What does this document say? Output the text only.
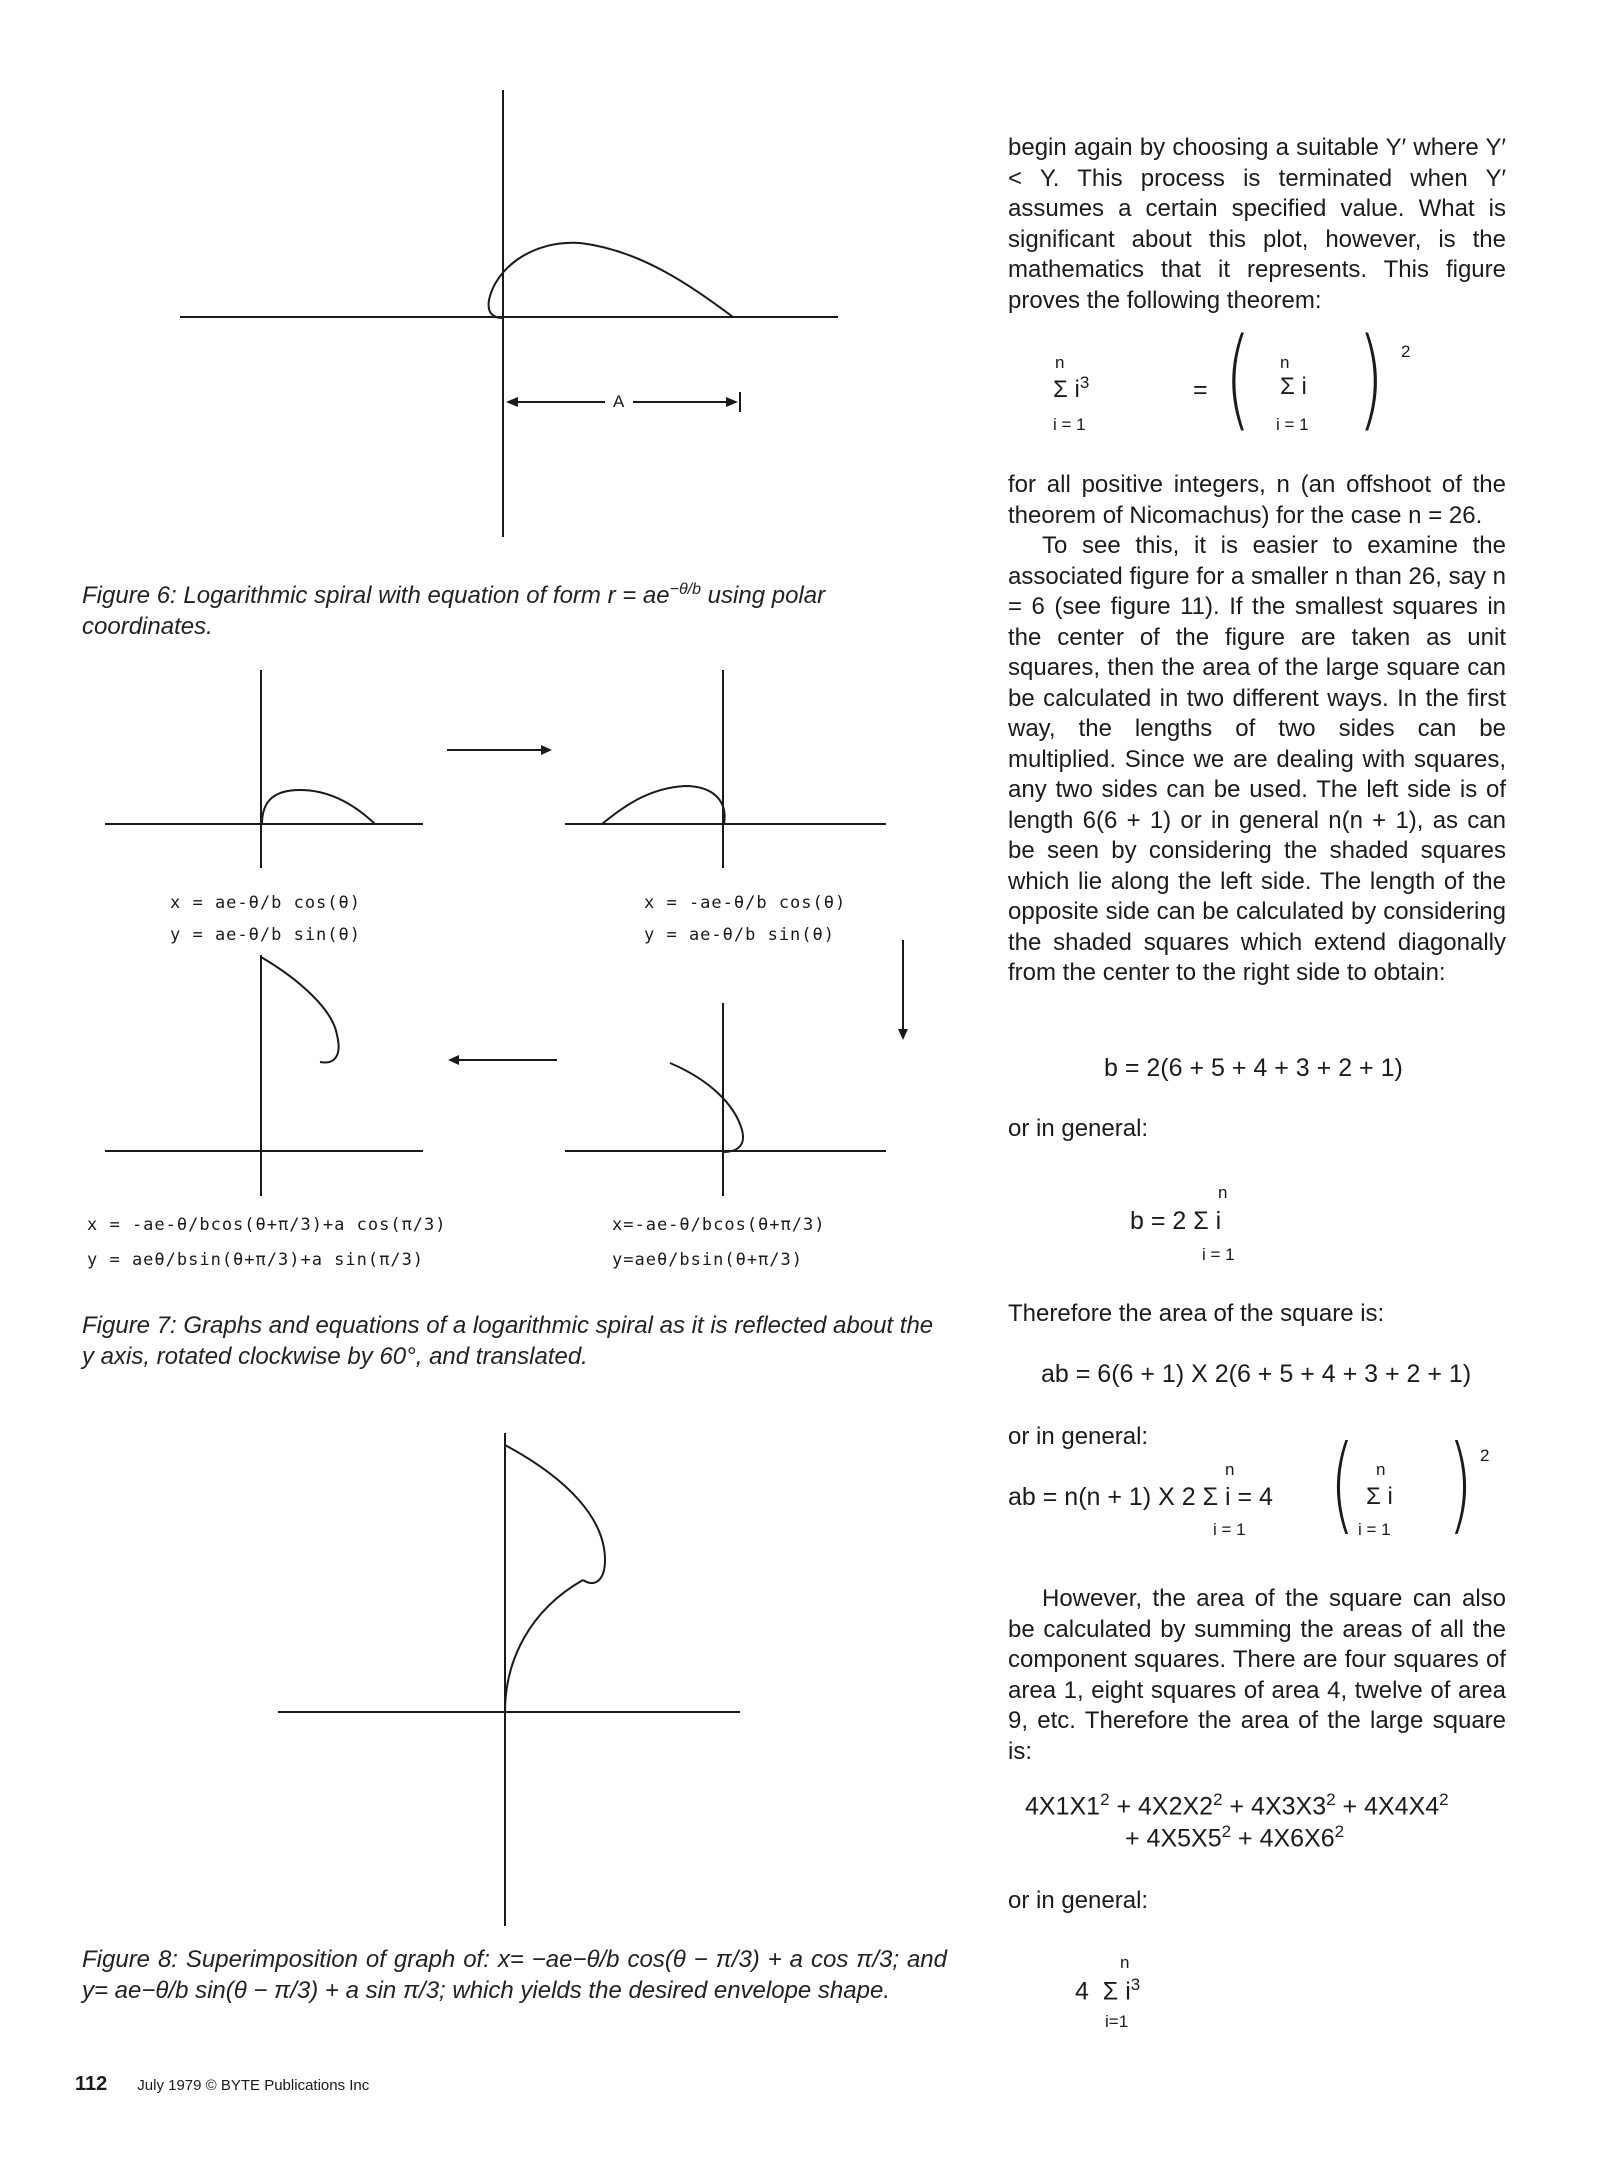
A
Figure 6: Logarithmic spiral with equation of form $r = ae^{-\theta/b}$ using polar coordinates.
x = ae-θ/b cos(θ)
y = ae-θ/b sin(θ)
x = -ae-θ/b cos(θ)
y = ae-θ/b sin(θ)
x = -ae-θ/bcos(θ+π/3)+a cos(π/3)
y = aeθ/bsin(θ+π/3)+a sin(π/3)
x=-ae-θ/bcos(θ+π/3)
y=aeθ/bsin(θ+π/3)
Figure 7: Graphs and equations of a logarithmic spiral as it is reflected about the y axis, rotated clockwise by 60°, and translated.
Figure 8: Superimposition of graph of: x= −ae−θ/b cos(θ − π/3) + a cos π/3; and y= ae−θ/b sin(θ − π/3) + a sin π/3; which yields the desired envelope shape.

begin again by choosing a suitable Y′ where Y′ < Y. This process is terminated when Y′ assumes a certain specified value. What is significant about this plot, however, is the mathematics that it represents. This figure proves the following theorem:

n
Σ $i^3$
i = 1
= ( n
Σ i
i = 1 ) 2

for all positive integers, n (an offshoot of the theorem of Nicomachus) for the case n = 26.

To see this, it is easier to examine the associated figure for a smaller n than 26, say n = 6 (see figure 11). If the smallest squares in the center of the figure are taken as unit squares, then the area of the large square can be calculated in two different ways. In the first way, the lengths of two sides can be multiplied. Since we are dealing with squares, any two sides can be used. The left side is of length 6(6 + 1) or in general n(n + 1), as can be seen by considering the shaded squares which lie along the left side. The length of the opposite side can be calculated by considering the shaded squares which extend diagonally from the center to the right side to obtain:

b = 2(6 + 5 + 4 + 3 + 2 + 1)
or in general:
n
b = 2 Σ i
i = 1
Therefore the area of the square is:
ab = 6(6 + 1) X 2(6 + 5 + 4 + 3 + 2 + 1)
or in general:
n
ab = n(n + 1) X 2 Σ i = 4
i = 1 ( n
Σ i
i = 1 ) 2
However, the area of the square can also be calculated by summing the areas of all the component squares. There are four squares of area 1, eight squares of area 4, twelve of area 9, etc. Therefore the area of the large square is:
$4X1X1^2 + 4X2X2^2 + 4X3X3^2 + 4X4X4^2$
+ $4X5X5^2 + 4X6X6^2$
or in general:
n
4  Σ $i^3$
i=1
112 July 1979 © BYTE Publications Inc
